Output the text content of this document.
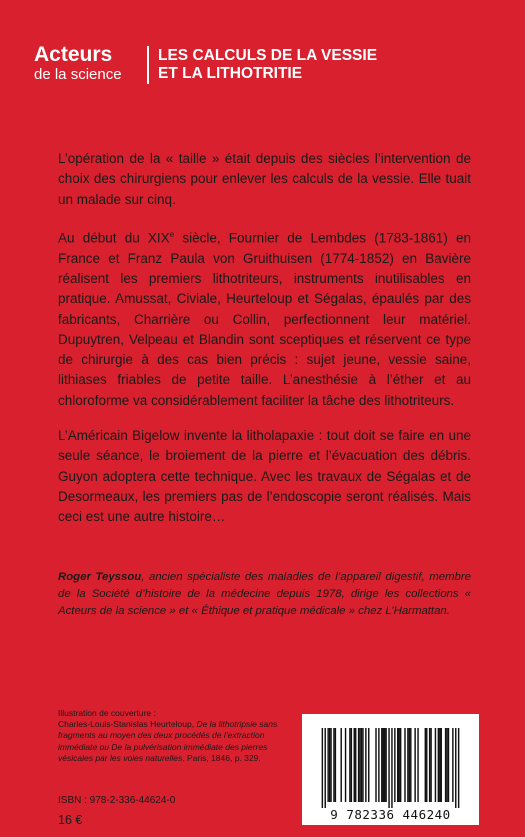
Acteurs
de la science
LES CALCULS DE LA VESSIE
ET LA LITHOTRITIE

L’opération de la « taille » était depuis des siècles l’intervention de choix des chirurgiens pour enlever les calculs de la vessie. Elle tuait un malade sur cinq.

Au début du XIXe siècle, Fournier de Lembdes (1783-1861) en France et Franz Paula von Gruithuisen (1774-1852) en Bavière réalisent les premiers lithotriteurs, instruments inutilisables en pratique. Amussat, Civiale, Heurteloup et Ségalas, épaulés par des fabricants, Charrière ou Collin, perfectionnent leur matériel. Dupuytren, Velpeau et Blandin sont sceptiques et réservent ce type de chirurgie à des cas bien précis : sujet jeune, vessie saine, lithiases friables de petite taille. L’anesthésie à l’éther et au chloroforme va considérablement faciliter la tâche des lithotriteurs.

L’Américain Bigelow invente la litholapaxie : tout doit se faire en une seule séance, le broiement de la pierre et l’évacuation des débris. Guyon adoptera cette technique. Avec les travaux de Ségalas et de Desormeaux, les premiers pas de l’endoscopie seront réalisés. Mais ceci est une autre histoire…

Roger Teyssou, ancien spécialiste des maladies de l’appareil digestif, membre de la Société d’histoire de la médecine depuis 1978, dirige les collections « Acteurs de la science » et « Éthique et pratique médicale » chez L’Harmattan.

Illustration de couverture :

Charles-Louis-Stanislas Heurteloup, De la lithotripsie sans fragments au moyen des deux procédés de l’extraction immédiate ou De la pulvérisation immédiate des pierres vésicales par les voies naturelles, Paris, 1846, p. 329.

ISBN : 978-2-336-44624-0
16 €	9 782336 446240
